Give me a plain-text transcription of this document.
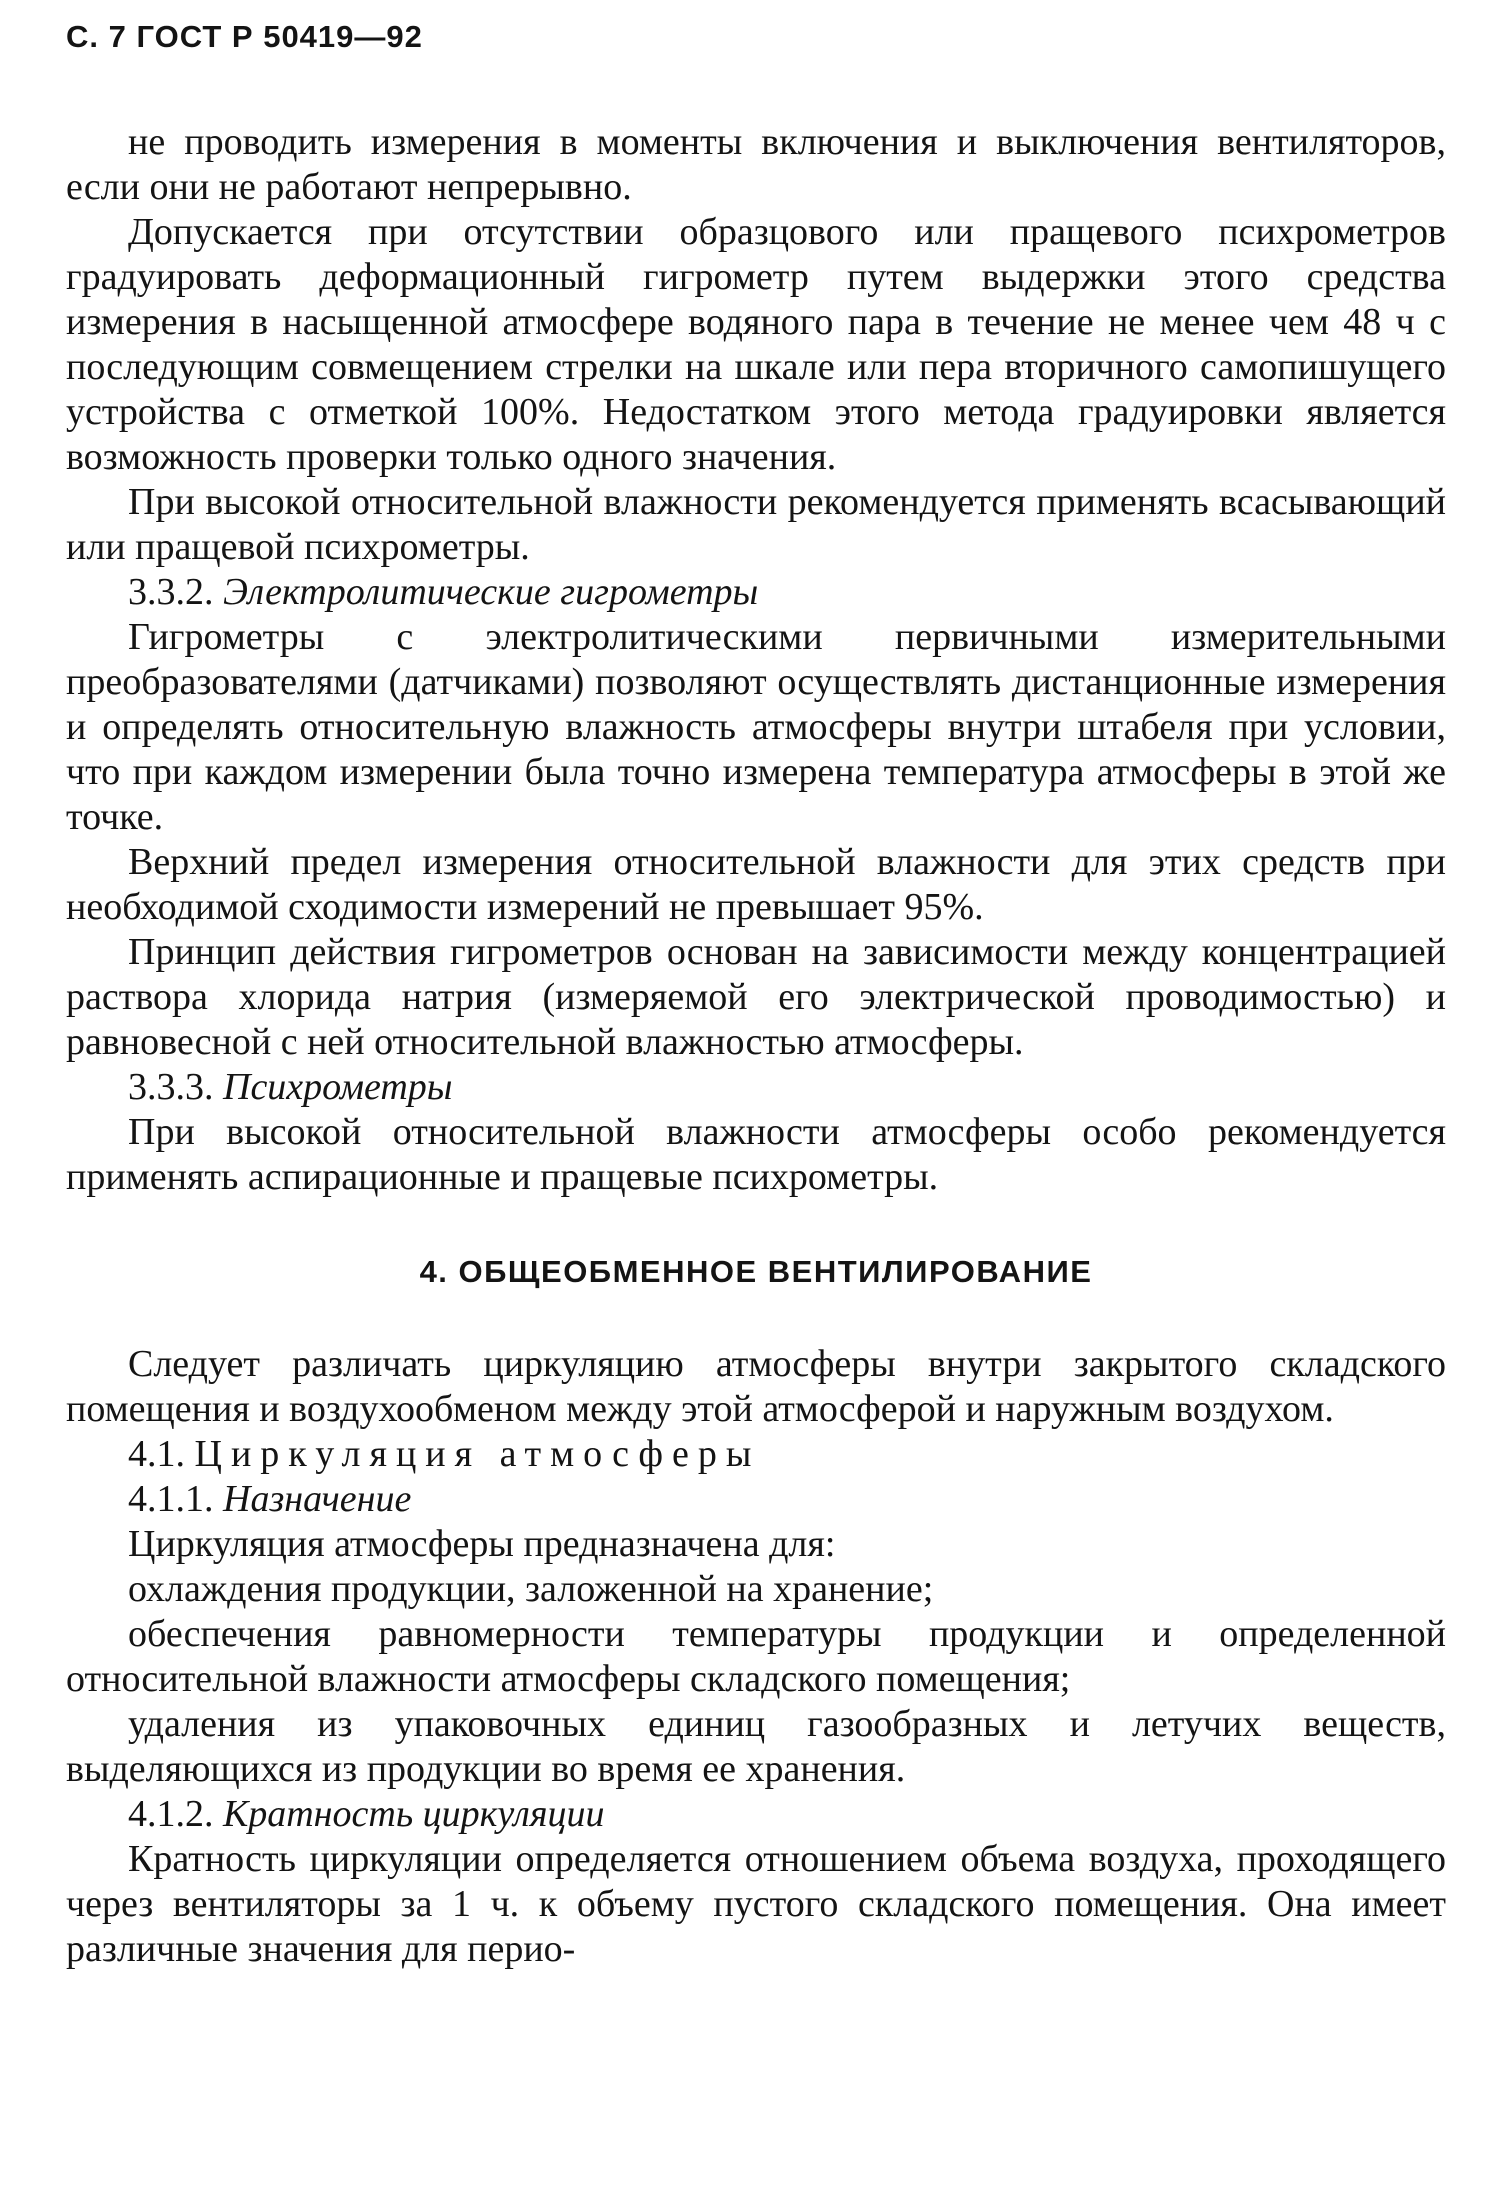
С. 7 ГОСТ Р 50419—92

не проводить измерения в моменты включения и выключения вентиляторов, если они не работают непрерывно.

Допускается при отсутствии образцового или пращевого психрометров градуировать деформационный гигрометр путем выдержки этого средства измерения в насыщенной атмосфере водяного пара в течение не менее чем 48 ч с последующим совмещением стрелки на шкале или пера вторичного самопишущего устройства с отметкой 100%. Недостатком этого метода градуировки является возможность проверки только одного значения.

При высокой относительной влажности рекомендуется применять всасывающий или пращевой психрометры.

3.3.2. Электролитические гигрометры

Гигрометры с электролитическими первичными измерительными преобразователями (датчиками) позволяют осуществлять дистанционные измерения и определять относительную влажность атмосферы внутри штабеля при условии, что при каждом измерении была точно измерена температура атмосферы в этой же точке.

Верхний предел измерения относительной влажности для этих средств при необходимой сходимости измерений не превышает 95%.

Принцип действия гигрометров основан на зависимости между концентрацией раствора хлорида натрия (измеряемой его электрической проводимостью) и равновесной с ней относительной влажностью атмосферы.

3.3.3. Психрометры

При высокой относительной влажности атмосферы особо рекомендуется применять аспирационные и пращевые психрометры.

4. ОБЩЕОБМЕННОЕ ВЕНТИЛИРОВАНИЕ

Следует различать циркуляцию атмосферы внутри закрытого складского помещения и воздухообменом между этой атмосферой и наружным воздухом.

4.1. Циркуляция атмосферы

4.1.1. Назначение

Циркуляция атмосферы предназначена для:

охлаждения продукции, заложенной на хранение;

обеспечения равномерности температуры продукции и определенной относительной влажности атмосферы складского помещения;

удаления из упаковочных единиц газообразных и летучих веществ, выделяющихся из продукции во время ее хранения.

4.1.2. Кратность циркуляции

Кратность циркуляции определяется отношением объема воздуха, проходящего через вентиляторы за 1 ч. к объему пустого складского помещения. Она имеет различные значения для перио-
